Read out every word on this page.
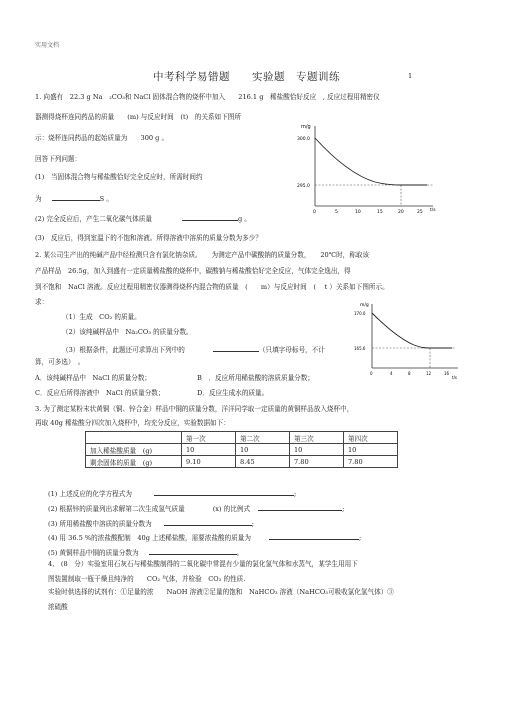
实用文档
中考科学易错题　　实验题　专题训练	1
1. 向盛有　22.3 g Na　₂CO₃和 NaCl 固体混合物的烧杯中加入　　216.1 g　稀盐酸恰好反应　, 反应过程用精密仪
器测得烧杯连同药品的质量　　(m) 与反应时间　(t)　的关系如下图所
示：烧杯连同药品的起始质量为　　300 g 。
回答下列问题：
(1)　当固体混合物与稀盐酸恰好完全反应时，所需时间约
为	S 。
(2) 完全反应后，产生二氧化碳气体质量	g 。
(3)　反应后，得到室温下的不饱和溶液。所得溶液中溶质的质量分数为多少？
m/g
300.0
295.0
0	5	10	15	20	25 t/s
2. 某公司生产出的纯碱产品中经检测只含有氯化钠杂质。　　为测定产品中碳酸钠的质量分数，　　20℃时，称取该
产品样品　26.5g，加入到盛有一定质量稀盐酸的烧杯中，碳酸钠与稀盐酸恰好完全反应，气体完全逸出，得
到不饱和　NaCl 溶液。反应过程用精密仪器测得烧杯内混合物的质量　(　　m）与反应时间　( 　t ）关系如下图所示。
求：
（1）生成　CO₂ 的质量。
（2）该纯碱样品中　Na₂CO₃ 的质量分数。
（3）根据条件，此题还可求算出下列中的	（只填字母标号，不计
算，可多选）　。
A．该纯碱样品中　NaCl 的质量分数；	B　．反应所用稀盐酸的溶质质量分数；
C．反应后所得溶液中　NaCl 的质量分数；	D．反应生成水的质量。
m/g
170.0
165.6
0	4	8	12	16
t/s
3. 为了测定某粉末状黄铜（铜、锌合金）样品中铜的质量分数，洋洋同学取一定质量的黄铜样品放入烧杯中，
再取 40g 稀盐酸分四次加入烧杯中，均充分反应，实验数据如下：
	第一次	第二次	第三次	第四次
加入稀盐酸质量　(g)	10	10	10	10
剩余固体的质量　(g)	9.10	8.45	7.80	7.80
(1) 上述反应的化学方程式为	;
(2) 根据锌的质量列出求解第二次生成氢气质量	(x) 的比例式	;
(3) 所用稀盐酸中溶质的质量分数为	;
(4) 用 36.5 %的浓盐酸配制　40g 上述稀盐酸，需要浓盐酸的质量为	;
(5) 黄铜样品中铜的质量分数为	。
4、 (8　分）实验室用石灰石与稀盐酸制得的二氧化碳中常混有少量的氯化氢气体和水蒸气，某学生用用下
图装置制取一瓶干燥且纯净的　　CO₂ 气体，并检验　CO₂ 的性质.
实验时供选择的试剂有：①足量的浓　　NaOH 溶液②足量的饱和　NaHCO₃ 溶液（NaHCO₃可吸收氯化氢气体）③
浓硫酸
